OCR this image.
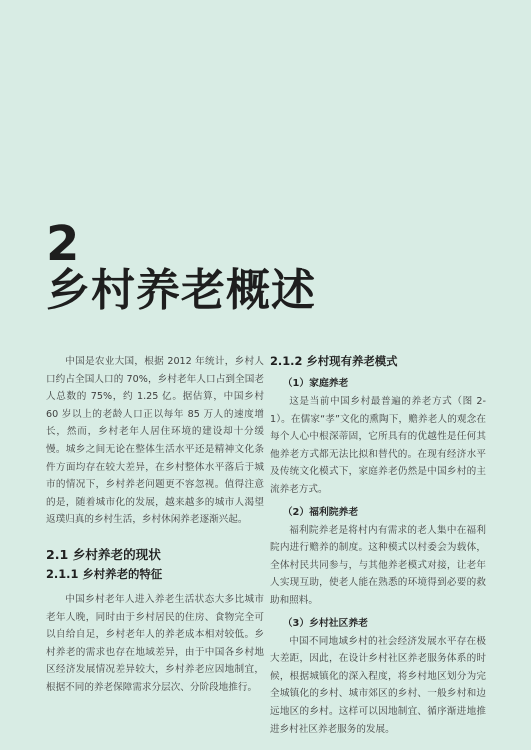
2
乡村养老概述

中国是农业大国，根据 2012 年统计，乡村人口约占全国人口的 70%，乡村老年人口占到全国老人总数的 75%，约 1.25 亿。据估算，中国乡村 60 岁以上的老龄人口正以每年 85 万人的速度增长，然而，乡村老年人居住环境的建设却十分缓慢。城乡之间无论在整体生活水平还是精神文化条件方面均存在较大差异，在乡村整体水平落后于城市的情况下，乡村养老问题更不容忽视。值得注意的是，随着城市化的发展，越来越多的城市人渴望返璞归真的乡村生活，乡村休闲养老逐渐兴起。

2.1 乡村养老的现状
2.1.1 乡村养老的特征

中国乡村老年人进入养老生活状态大多比城市老年人晚，同时由于乡村居民的住房、食物完全可以自给自足，乡村老年人的养老成本相对较低。乡村养老的需求也存在地域差异，由于中国各乡村地区经济发展情况差异较大，乡村养老应因地制宜，根据不同的养老保障需求分层次、分阶段地推行。

2.1.2 乡村现有养老模式
（1）家庭养老

这是当前中国乡村最普遍的养老方式（图 2-1）。在儒家“孝”文化的熏陶下，赡养老人的观念在每个人心中根深蒂固，它所具有的优越性是任何其他养老方式都无法比拟和替代的。在现有经济水平及传统文化模式下，家庭养老仍然是中国乡村的主流养老方式。

（2）福利院养老

福利院养老是将村内有需求的老人集中在福利院内进行赡养的制度。这种模式以村委会为载体，全体村民共同参与，与其他养老模式对接，让老年人实现互助，使老人能在熟悉的环境得到必要的救助和照料。

（3）乡村社区养老

中国不同地域乡村的社会经济发展水平存在极大差距，因此，在设计乡村社区养老服务体系的时候，根据城镇化的深入程度，将乡村地区划分为完全城镇化的乡村、城市郊区的乡村、一般乡村和边远地区的乡村。这样可以因地制宜、循序渐进地推进乡村社区养老服务的发展。
